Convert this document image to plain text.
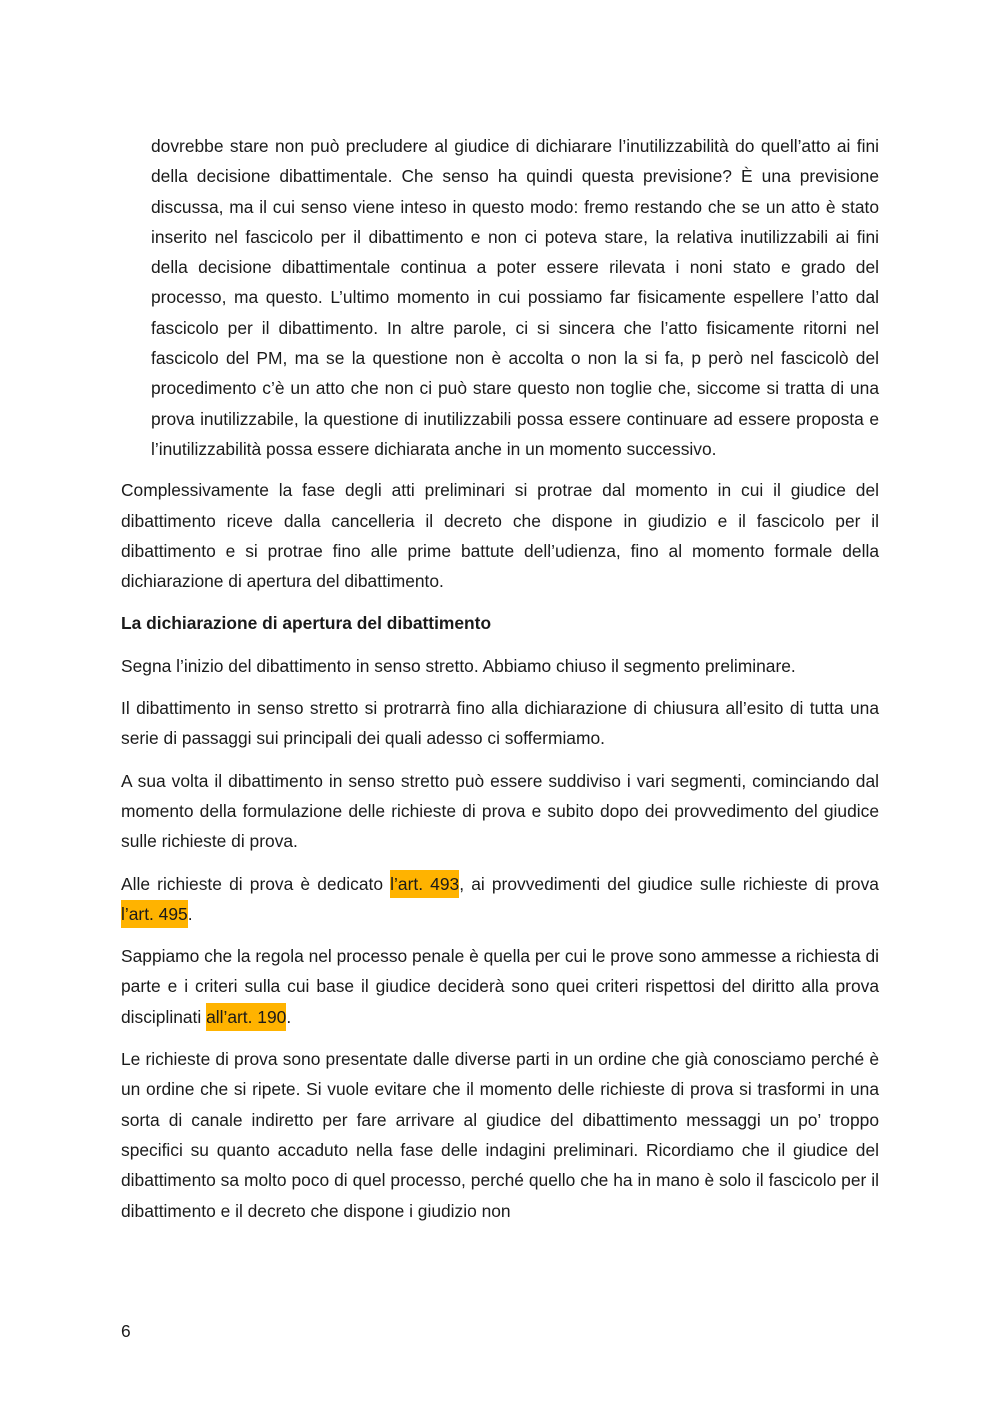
dovrebbe stare non può precludere al giudice di dichiarare l’inutilizzabilità do quell’atto ai fini della decisione dibattimentale. Che senso ha quindi questa previsione? È una previsione discussa, ma il cui senso viene inteso in questo modo: fremo restando che se un atto è stato inserito nel fascicolo per il dibattimento e non ci poteva stare, la relativa inutilizzabili ai fini della decisione dibattimentale continua a poter essere rilevata i noni stato e grado del processo, ma questo. L’ultimo momento in cui possiamo far fisicamente espellere l’atto dal fascicolo per il dibattimento. In altre parole, ci si sincera che l’atto fisicamente ritorni nel fascicolo del PM, ma se la questione non è accolta o non la si fa, p però nel fascicolò del procedimento c’è un atto che non ci può stare questo non toglie che, siccome si tratta di una prova inutilizzabile, la questione di inutilizzabili possa essere continuare ad essere proposta e l’inutilizzabilità possa essere dichiarata anche in un momento successivo.

Complessivamente la fase degli atti preliminari si protrae dal momento in cui il giudice del dibattimento riceve dalla cancelleria il decreto che dispone in giudizio e il fascicolo per il dibattimento e si protrae fino alle prime battute dell’udienza, fino al momento formale della dichiarazione di apertura del dibattimento.

La dichiarazione di apertura del dibattimento

Segna l’inizio del dibattimento in senso stretto. Abbiamo chiuso il segmento preliminare.

Il dibattimento in senso stretto si protrarrà fino alla dichiarazione di chiusura all’esito di tutta una serie di passaggi sui principali dei quali adesso ci soffermiamo.

A sua volta il dibattimento in senso stretto può essere suddiviso i vari segmenti, cominciando dal momento della formulazione delle richieste di prova e subito dopo dei provvedimento del giudice sulle richieste di prova.

Alle richieste di prova è dedicato l’art. 493, ai provvedimenti del giudice sulle richieste di prova l’art. 495.

Sappiamo che la regola nel processo penale è quella per cui le prove sono ammesse a richiesta di parte e i criteri sulla cui base il giudice deciderà sono quei criteri rispettosi del diritto alla prova disciplinati all’art. 190.

Le richieste di prova sono presentate dalle diverse parti in un ordine che già conosciamo perché è un ordine che si ripete. Si vuole evitare che il momento delle richieste di prova si trasformi in una sorta di canale indiretto per fare arrivare al giudice del dibattimento messaggi un po’ troppo specifici su quanto accaduto nella fase delle indagini preliminari. Ricordiamo che il giudice del dibattimento sa molto poco di quel processo, perché quello che ha in mano è solo il fascicolo per il dibattimento e il decreto che dispone i giudizio non

6
